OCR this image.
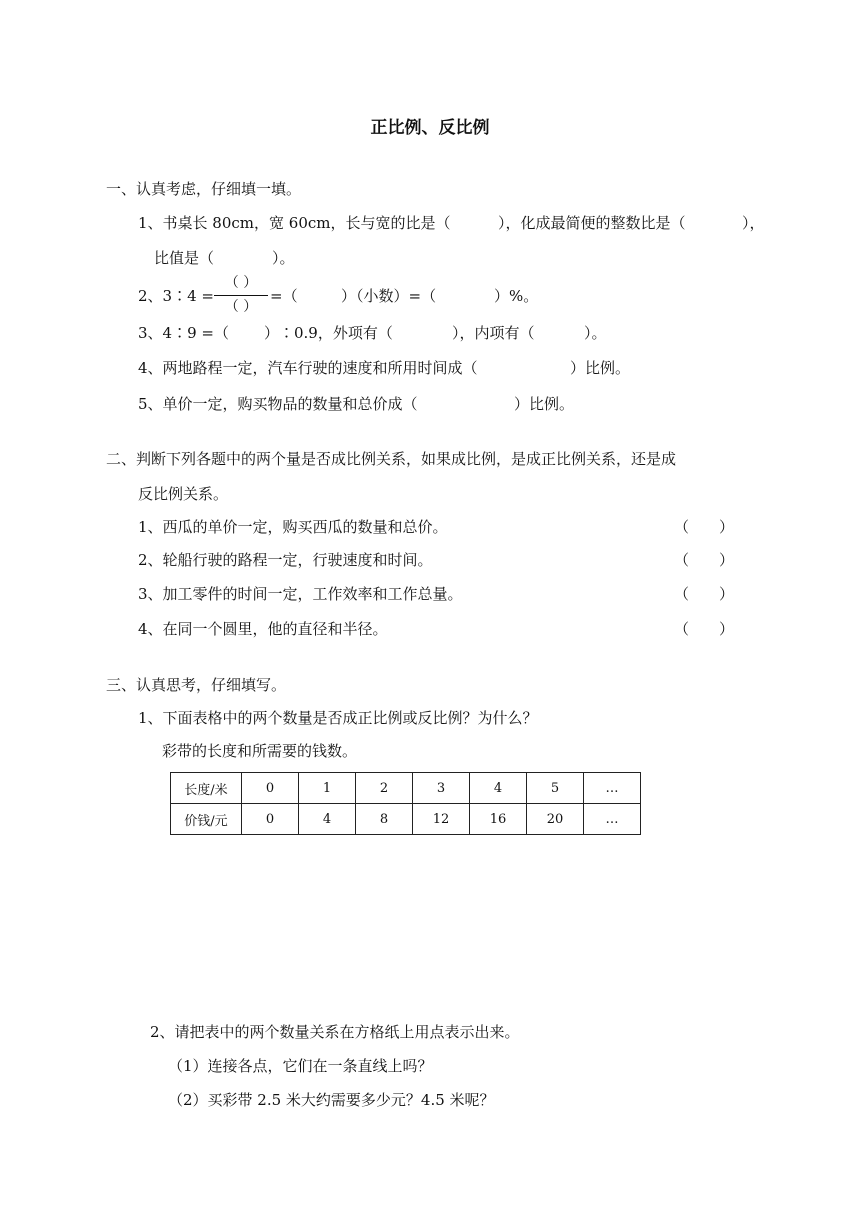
正比例、反比例
一、认真考虑，仔细填一填。
1、书桌长 80cm，宽 60cm，长与宽的比是（	），化成最简便的整数比是（	），
比值是（	）。
2、3∶4 =
（ ）
（ ）
=（	）（小数）=（	）%。
3、4∶9 =（ ）∶0.9，外项有（	），内项有（	）。
4、两地路程一定，汽车行驶的速度和所用时间成（	）比例。
5、单价一定，购买物品的数量和总价成（	）比例。
二、判断下列各题中的两个量是否成比例关系，如果成比例，是成正比例关系，还是成
反比例关系。
1、西瓜的单价一定，购买西瓜的数量和总价。	（　　）
2、轮船行驶的路程一定，行驶速度和时间。	（　　）
3、加工零件的时间一定，工作效率和工作总量。	（　　）
4、在同一个圆里，他的直径和半径。	（　　）
三、认真思考，仔细填写。
1、下面表格中的两个数量是否成正比例或反比例？为什么？
彩带的长度和所需要的钱数。
长度/米	0	1	2	3	4	5	…
价钱/元	0	4	8	12	16	20	…
2、请把表中的两个数量关系在方格纸上用点表示出来。
（1）连接各点，它们在一条直线上吗？
（2）买彩带 2.5 米大约需要多少元？4.5 米呢？
